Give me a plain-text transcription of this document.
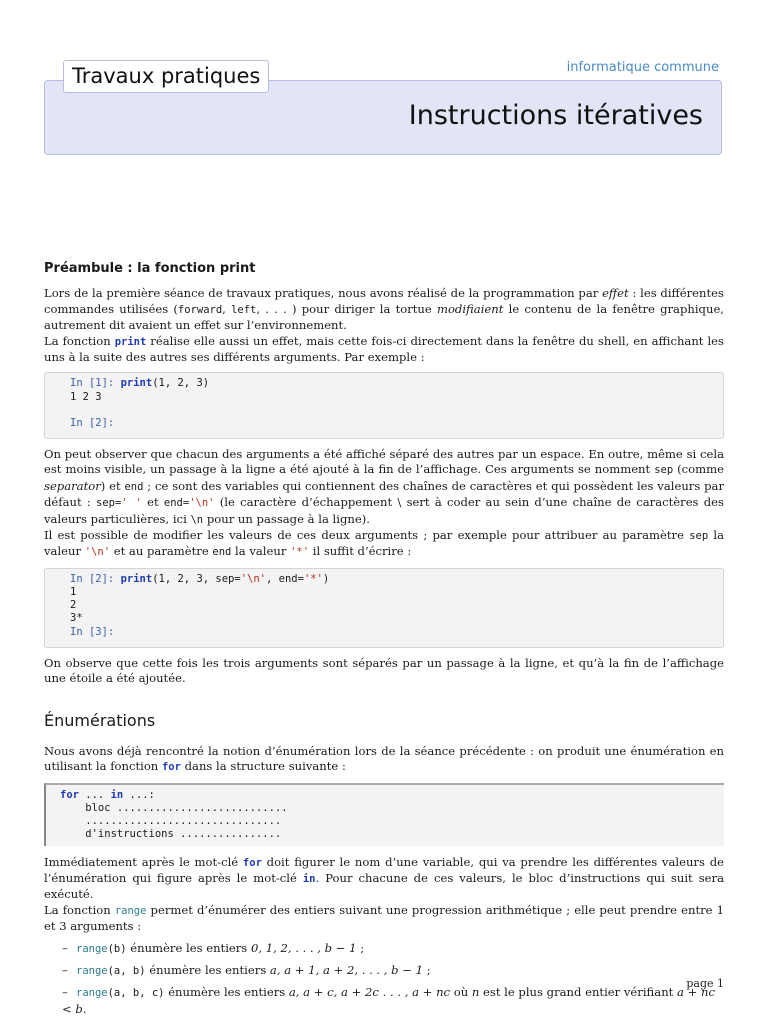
Travaux pratiques	informatique commune
Instructions itératives
Préambule : la fonction print

Lors de la première séance de travaux pratiques, nous avons réalisé de la programmation par effet : les différentes commandes utilisées (forward, left, . . . ) pour diriger la tortue modifiaient le contenu de la fenêtre graphique, autrement dit avaient un effet sur l’environnement.

La fonction print réalise elle aussi un effet, mais cette fois-ci directement dans la fenêtre du shell, en affichant les uns à la suite des autres ses différents arguments. Par exemple :

In [1]: print(1, 2, 3)
1 2 3
In [2]:

On peut observer que chacun des arguments a été affiché séparé des autres par un espace. En outre, même si cela est moins visible, un passage à la ligne a été ajouté à la fin de l’affichage. Ces arguments se nomment sep (comme separator) et end ; ce sont des variables qui contiennent des chaînes de caractères et qui possèdent les valeurs par défaut : sep=' ' et end='\n' (le caractère d’échappement \ sert à coder au sein d’une chaîne de caractères des valeurs particulières, ici \n pour un passage à la ligne).

Il est possible de modifier les valeurs de ces deux arguments ; par exemple pour attribuer au paramètre sep la valeur '\n' et au paramètre end la valeur '*' il suffit d’écrire :

In [2]: print(1, 2, 3, sep='\n', end='*')
1
2
3*
In [3]:

On observe que cette fois les trois arguments sont séparés par un passage à la ligne, et qu’à la fin de l’affichage une étoile a été ajoutée.

Énumérations

Nous avons déjà rencontré la notion d’énumération lors de la séance précédente : on produit une énumération en utilisant la fonction for dans la structure suivante :

for ... in ...:
bloc ...........................
...............................
d'instructions ................

Immédiatement après le mot-clé for doit figurer le nom d’une variable, qui va prendre les différentes valeurs de l’énumération qui figure après le mot-clé in. Pour chacune de ces valeurs, le bloc d’instructions qui suit sera exécuté.

La fonction range permet d’énumérer des entiers suivant une progression arithmétique ; elle peut prendre entre 1 et 3 arguments :

– range(b) énumère les entiers 0, 1, 2, . . . , b − 1 ;
– range(a, b) énumère les entiers a, a + 1, a + 2, . . . , b − 1 ;
– range(a, b, c) énumère les entiers a, a + c, a + 2c . . . , a + nc où n est le plus grand entier vérifiant a + nc < b.
page 1
